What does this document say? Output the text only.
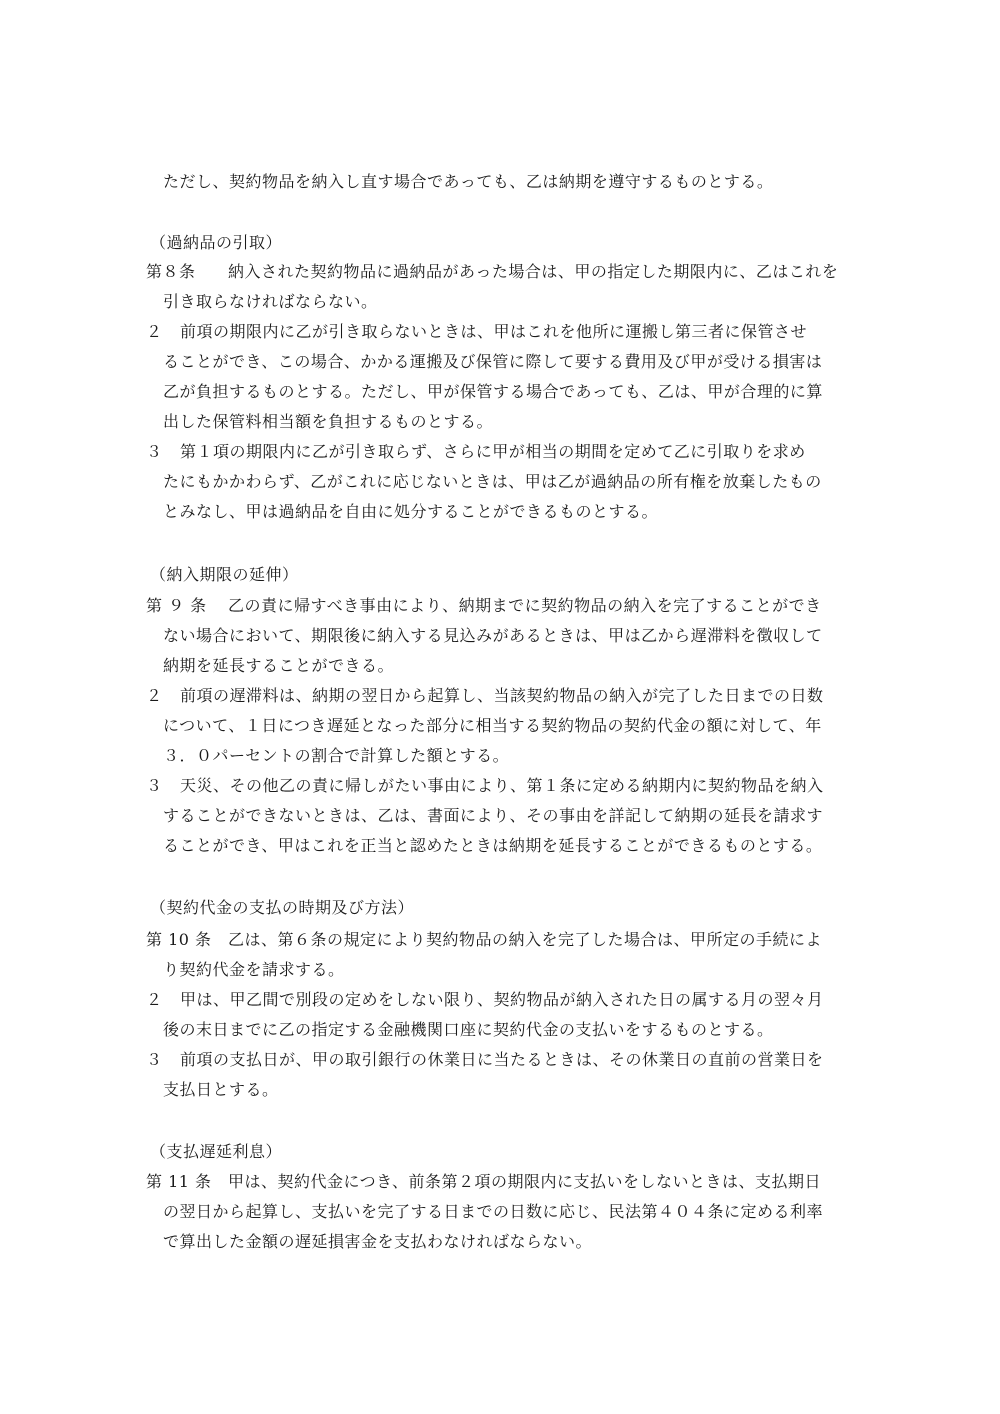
ただし、契約物品を納入し直す場合であっても、乙は納期を遵守するものとする。
（過納品の引取）
第８条 納入された契約物品に過納品があった場合は、甲の指定した期限内に、乙はこれを
引き取らなければならない。
２ 前項の期限内に乙が引き取らないときは、甲はこれを他所に運搬し第三者に保管させ
ることができ、この場合、かかる運搬及び保管に際して要する費用及び甲が受ける損害は
乙が負担するものとする。ただし、甲が保管する場合であっても、乙は、甲が合理的に算
出した保管料相当額を負担するものとする。
３ 第１項の期限内に乙が引き取らず、さらに甲が相当の期間を定めて乙に引取りを求め
たにもかかわらず、乙がこれに応じないときは、甲は乙が過納品の所有権を放棄したもの
とみなし、甲は過納品を自由に処分することができるものとする。
（納入期限の延伸）
第 ９ 条 乙の責に帰すべき事由により、納期までに契約物品の納入を完了することができ
ない場合において、期限後に納入する見込みがあるときは、甲は乙から遅滞料を徴収して
納期を延長することができる。
２ 前項の遅滞料は、納期の翌日から起算し、当該契約物品の納入が完了した日までの日数
について、１日につき遅延となった部分に相当する契約物品の契約代金の額に対して、年
３．０パーセントの割合で計算した額とする。
３ 天災、その他乙の責に帰しがたい事由により、第１条に定める納期内に契約物品を納入
することができないときは、乙は、書面により、その事由を詳記して納期の延長を請求す
ることができ、甲はこれを正当と認めたときは納期を延長することができるものとする。
（契約代金の支払の時期及び方法）
第 10 条 乙は、第６条の規定により契約物品の納入を完了した場合は、甲所定の手続によ
り契約代金を請求する。
２ 甲は、甲乙間で別段の定めをしない限り、契約物品が納入された日の属する月の翌々月
後の末日までに乙の指定する金融機関口座に契約代金の支払いをするものとする。
３ 前項の支払日が、甲の取引銀行の休業日に当たるときは、その休業日の直前の営業日を
支払日とする。
（支払遅延利息）
第 11 条 甲は、契約代金につき、前条第２項の期限内に支払いをしないときは、支払期日
の翌日から起算し、支払いを完了する日までの日数に応じ、民法第４０４条に定める利率
で算出した金額の遅延損害金を支払わなければならない。
